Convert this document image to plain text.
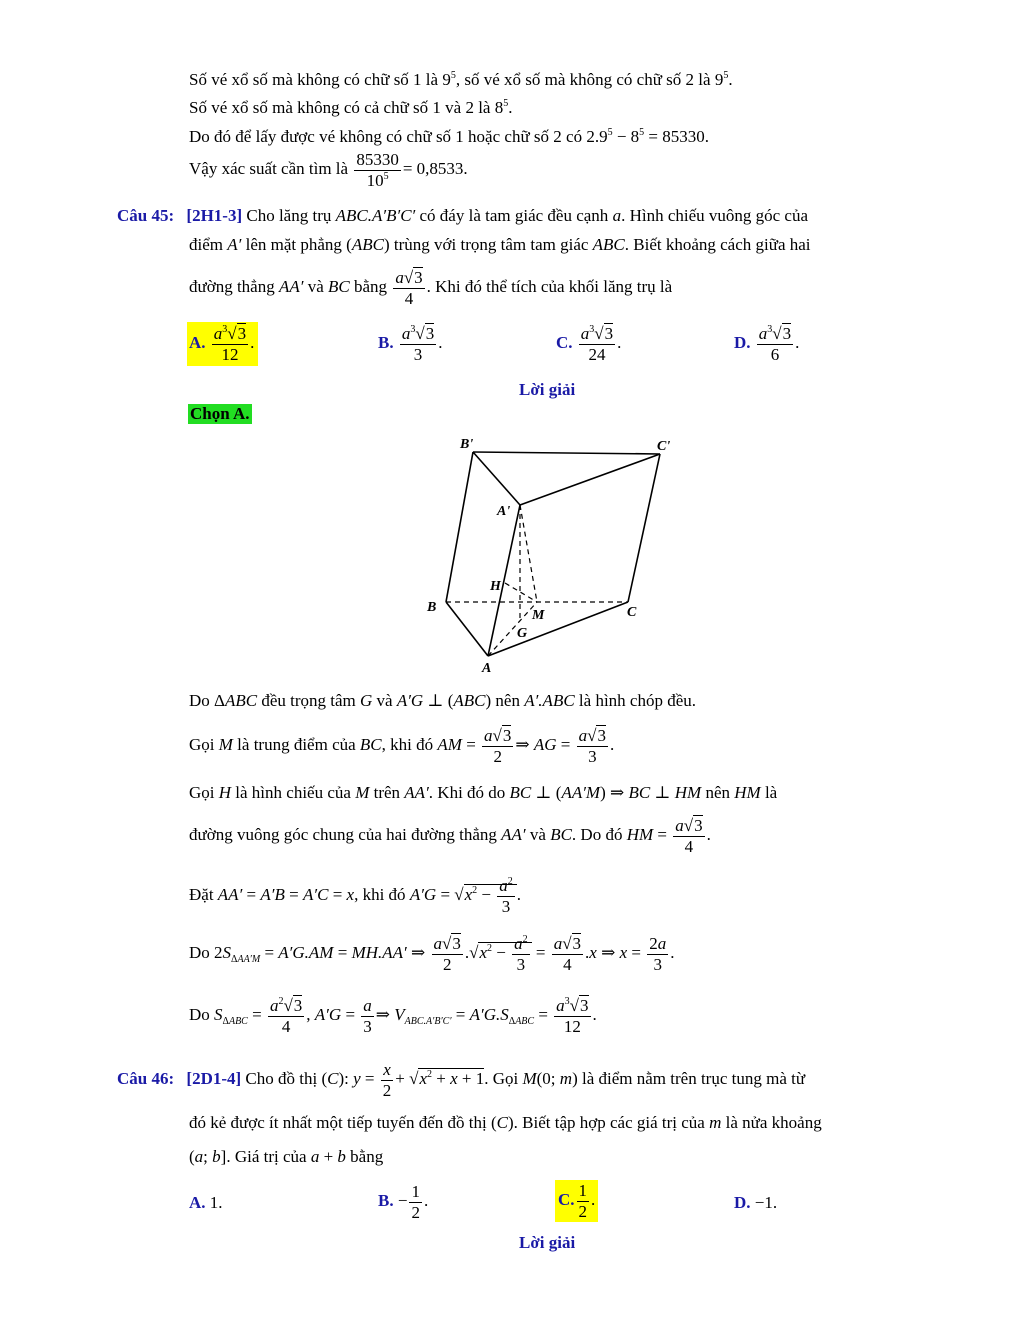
Số vé xổ số mà không có chữ số 1 là $9^5$, số vé xổ số mà không có chữ số 2 là $9^5$.
Số vé xổ số mà không có cả chữ số 1 và 2 là $8^5$.
Do đó để lấy được vé không có chữ số 1 hoặc chữ số 2 có $2.9^5 - 8^5 = 85330$.
Vậy xác suất cần tìm là $\frac{85330}{10^5} = 0,8533$.
Câu 45: [2H1-3] Cho lăng trụ ABC.A′B′C′ có đáy là tam giác đều cạnh a. Hình chiếu vuông góc của
điểm A′ lên mặt phẳng (ABC) trùng với trọng tâm tam giác ABC. Biết khoảng cách giữa hai
đường thẳng AA′ và BC bằng $\frac{a√3}{4}$ . Khi đó thể tích của khối lăng trụ là
A. $\frac{a^3√3}{12}$ .	B. $\frac{a^3√3}{3}$ .	C. $\frac{a^3√3}{24}$ .	D. $\frac{a^3√3}{6}$ .
Lời giải
Chọn A.
B'	C'
A'
H
B
M	C
G
A
Do ΔABC đều trọng tâm G và A′G ⊥ (ABC) nên A′.ABC là hình chóp đều.
Gọi M là trung điểm của BC, khi đó AM = $\frac{a√3}{2}$ ⇒ AG = $\frac{a√3}{3}$ .
Gọi H là hình chiếu của M trên AA′. Khi đó do BC ⊥ (AA′M) ⇒ BC ⊥ HM nên HM là
đường vuông góc chung của hai đường thẳng AA′ và BC. Do đó HM = $\frac{a√3}{4}$ .
Đặt AA′ = A′B = A′C = x, khi đó $A'G = √x^2 - \frac{a^2}{3}$ .
Do $2S_{\Delta AA'M} = A'G.AM = MH.AA'$ ⇒ $\frac{a√3}{2} .√x^2 - \frac{a^2}{3} = \frac{a√3}{4} .x$ ⇒ $x = \frac{2a}{3}$ .
Do $S_{\Delta ABC} = \frac{a^2√3}{4}$ , $A'G = \frac{a}{3}$ ⇒ $V_{ABC.A'B'C'} = A'G.S_{\Delta ABC} = \frac{a^3√3}{12}$ .
Câu 46: [2D1-4] Cho đồ thị (C): $y = \frac{x}{2} + √x^2 + x + 1$. Gọi M(0; m) là điểm nằm trên trục tung mà từ
đó kẻ được ít nhất một tiếp tuyến đến đồ thị (C). Biết tập hợp các giá trị của m là nửa khoảng
(a; b]. Giá trị của a + b bằng
A. 1.	B. − $\frac{1}{2}$ .	C. $\frac{1}{2}$ .	D. −1.
Lời giải
